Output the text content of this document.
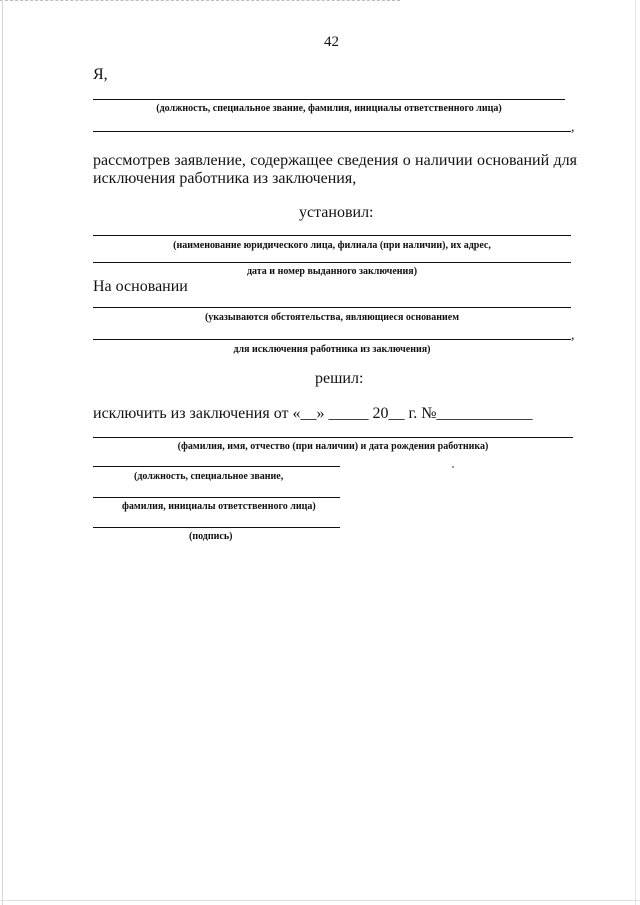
42
Я,
(должность, специальное звание, фамилия, инициалы ответственного лица)
,
рассмотрев заявление, содержащее сведения о наличии оснований для
исключения работника из заключения,
установил:
(наименование юридического лица, филиала (при наличии), их адрес,
дата и номер выданного заключения)
На основании
(указываются обстоятельства, являющиеся основанием
,
для исключения работника из заключения)
решил:
исключить из заключения от «__» _____ 20__ г. №____________
(фамилия, имя, отчество (при наличии) и дата рождения работника)
(должность, специальное звание,
фамилия, инициалы ответственного лица)
(подпись)
